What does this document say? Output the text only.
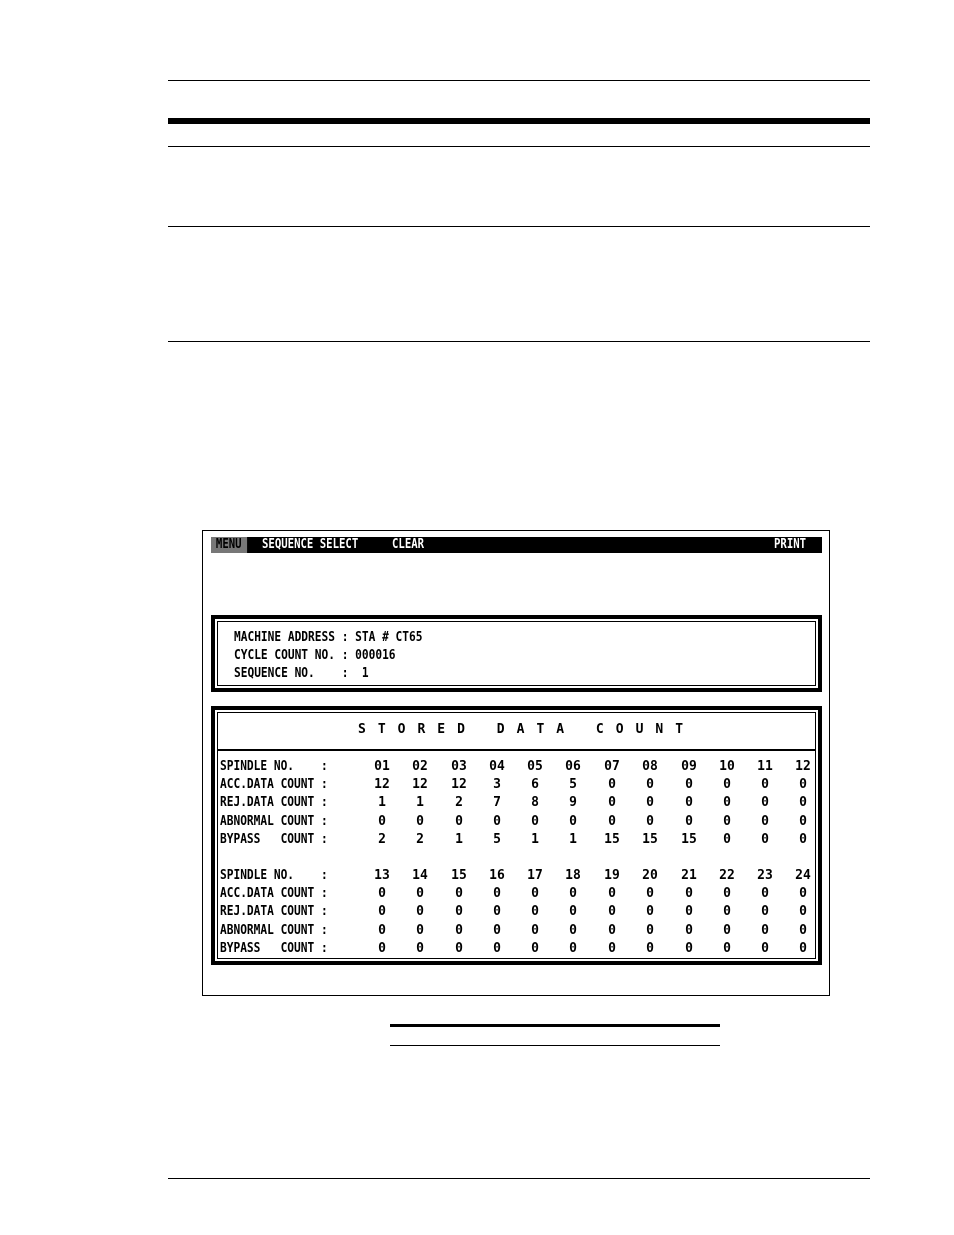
MENU	SEQUENCE SELECT	CLEAR	PRINT
MACHINE ADDRESS : STA # CT65
CYCLE COUNT NO. : 000016
SEQUENCE NO.    :  1
STORED DATA COUNT
SPINDLE NO.    :	01	02	03	04	05	06	07	08	09	10	11	12
ACC.DATA COUNT :	12	12	12	3	6	5	0	0	0	0	0	0
REJ.DATA COUNT :	1	1	2	7	8	9	0	0	0	0	0	0
ABNORMAL COUNT :	0	0	0	0	0	0	0	0	0	0	0	0
BYPASS   COUNT :	2	2	1	5	1	1	15	15	15	0	0	0
SPINDLE NO.    :	13	14	15	16	17	18	19	20	21	22	23	24
ACC.DATA COUNT :	0	0	0	0	0	0	0	0	0	0	0	0
REJ.DATA COUNT :	0	0	0	0	0	0	0	0	0	0	0	0
ABNORMAL COUNT :	0	0	0	0	0	0	0	0	0	0	0	0
BYPASS   COUNT :	0	0	0	0	0	0	0	0	0	0	0	0
